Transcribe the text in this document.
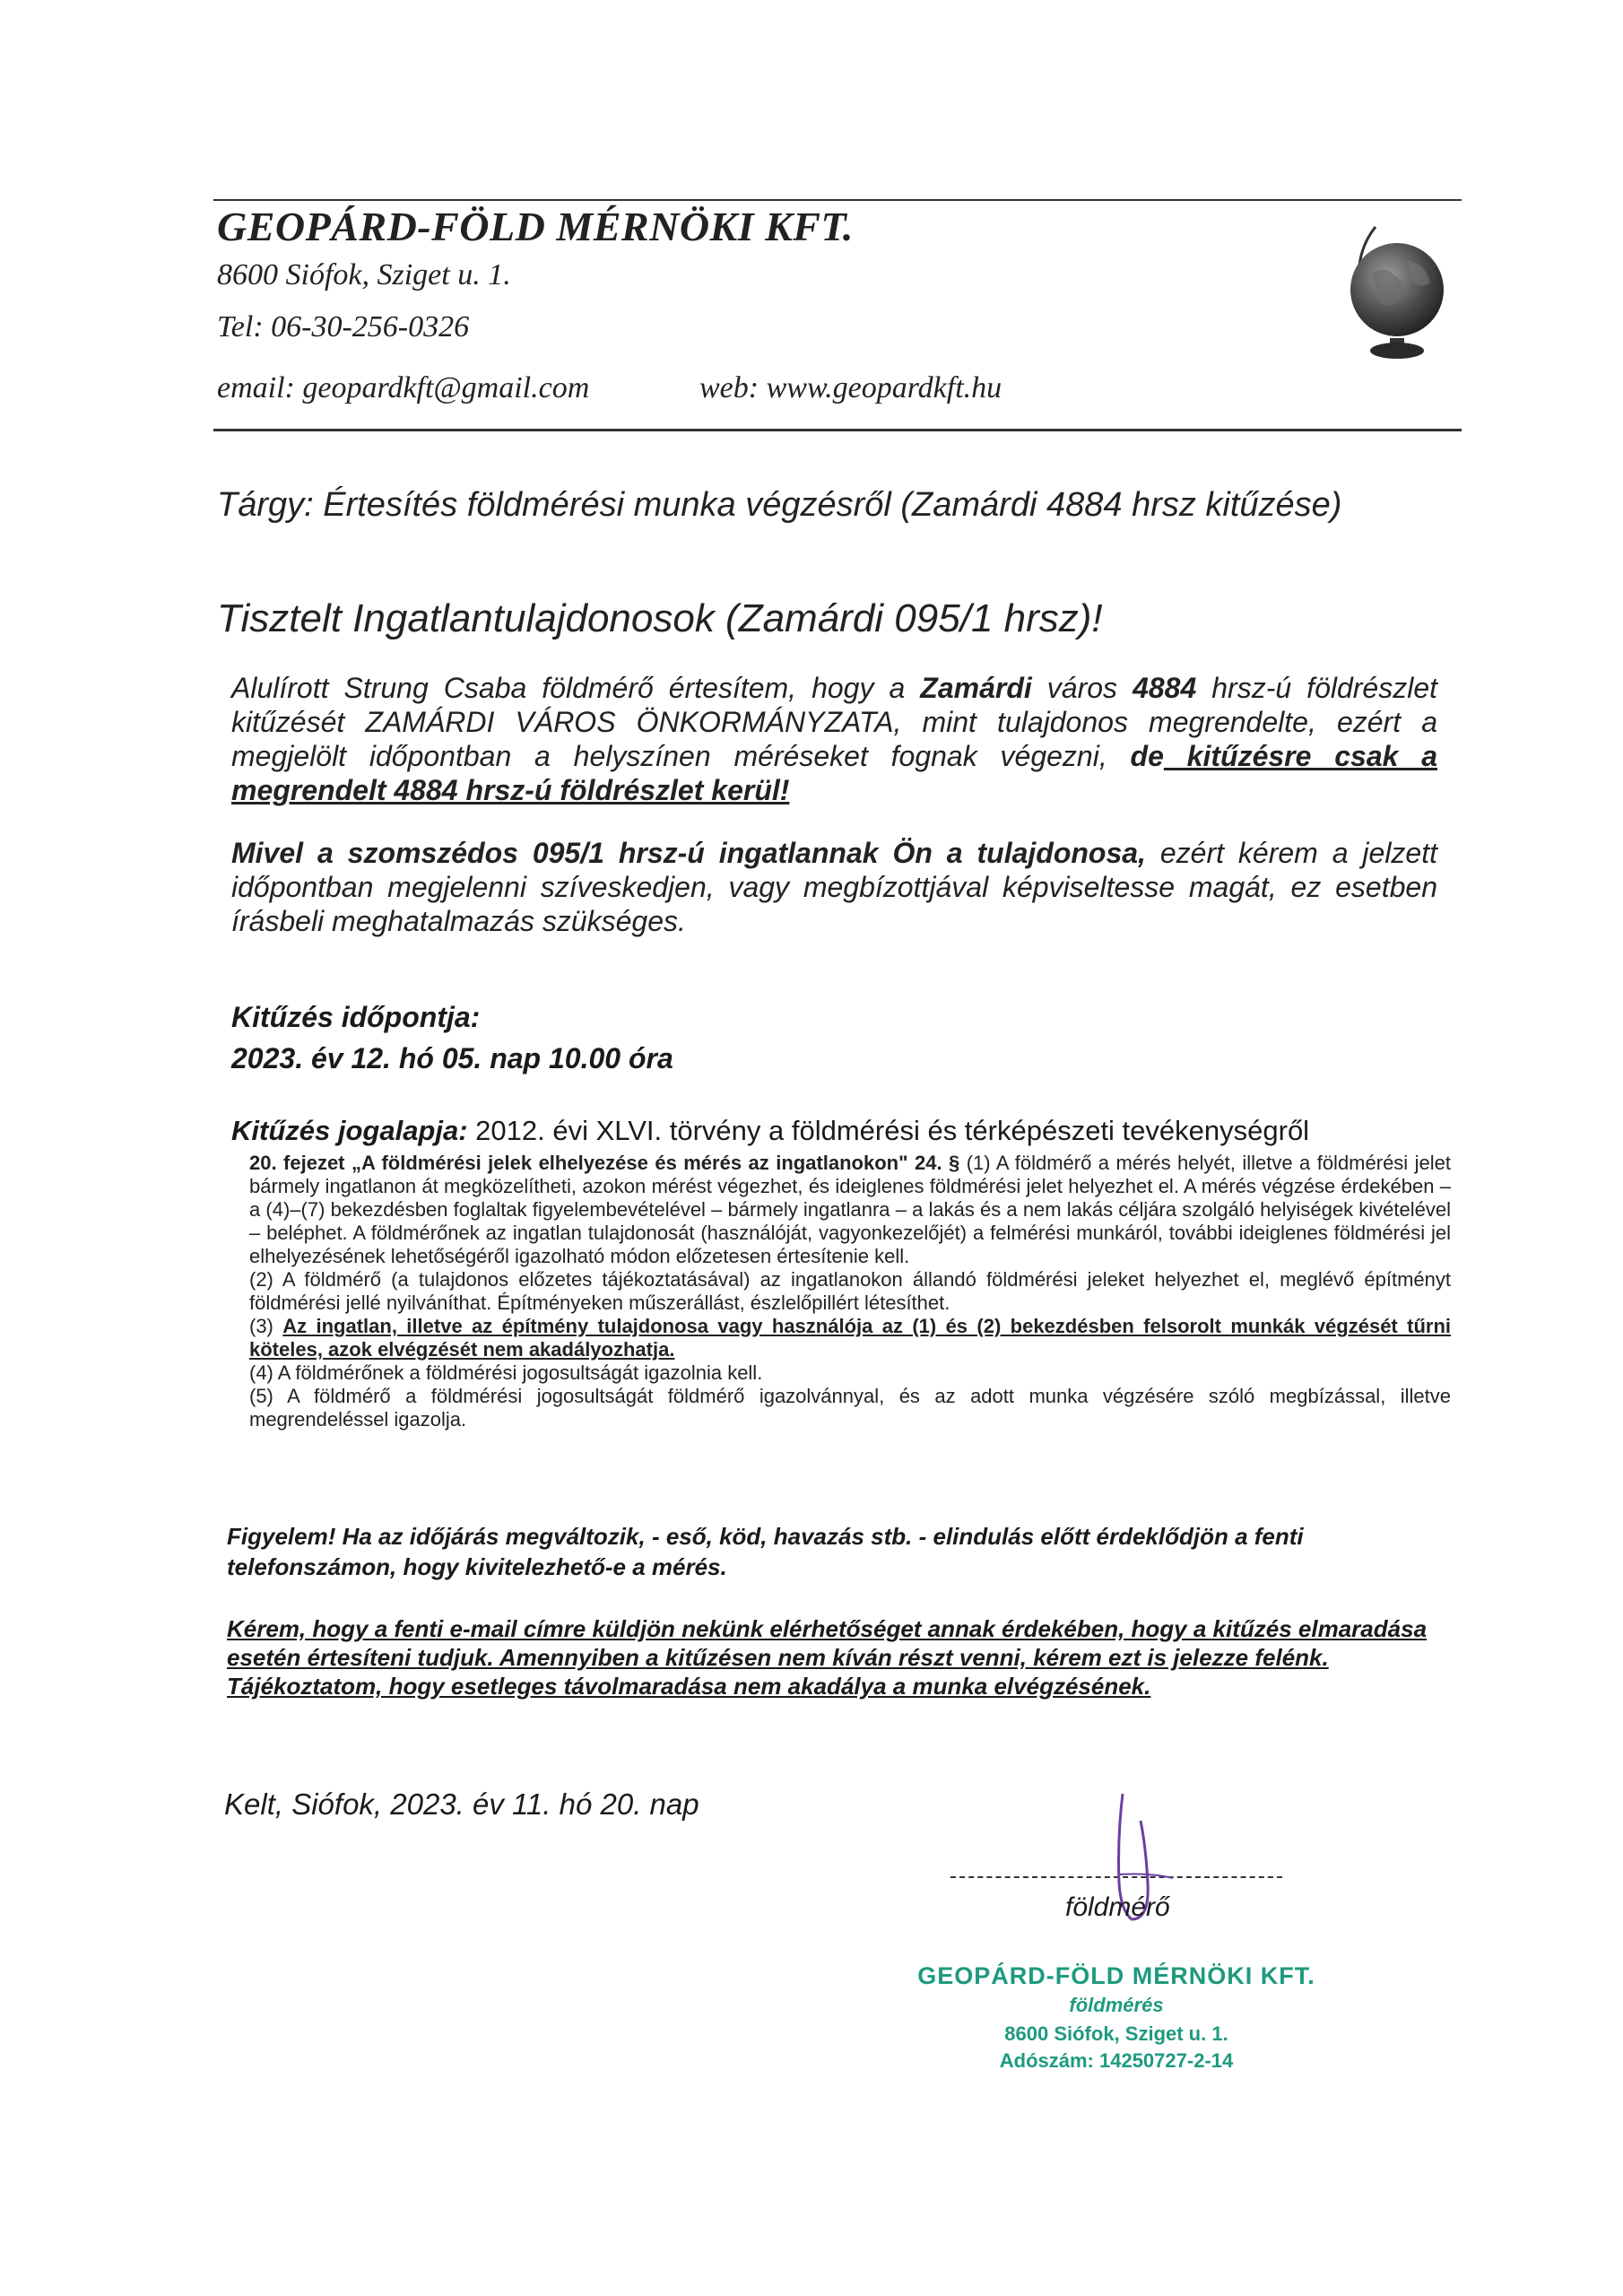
GEOPÁRD-FÖLD MÉRNÖKI KFT.
8600 Siófok, Sziget u. 1.
Tel: 06-30-256-0326
email: geopardkft@gmail.com	web: www.geopardkft.hu
Tárgy: Értesítés földmérési munka végzésről (Zamárdi 4884 hrsz kitűzése)
Tisztelt Ingatlantulajdonosok (Zamárdi 095/1 hrsz)!
Alulírott Strung Csaba földmérő értesítem, hogy a Zamárdi város 4884 hrsz-ú földrészlet kitűzését ZAMÁRDI VÁROS ÖNKORMÁNYZATA, mint tulajdonos megrendelte, ezért a megjelölt időpontban a helyszínen méréseket fognak végezni, de kitűzésre csak a megrendelt 4884 hrsz-ú földrészlet kerül!
Mivel a szomszédos 095/1 hrsz-ú ingatlannak Ön a tulajdonosa, ezért kérem a jelzett időpontban megjelenni szíveskedjen, vagy megbízottjával képviseltesse magát, ez esetben írásbeli meghatalmazás szükséges.
Kitűzés időpontja:
2023. év 12. hó 05. nap 10.00 óra
Kitűzés jogalapja: 2012. évi XLVI. törvény a földmérési és térképészeti tevékenységről
20. fejezet „A földmérési jelek elhelyezése és mérés az ingatlanokon" 24. § (1) A földmérő a mérés helyét, illetve a földmérési jelet bármely ingatlanon át megközelítheti, azokon mérést végezhet, és ideiglenes földmérési jelet helyezhet el. A mérés végzése érdekében – a (4)–(7) bekezdésben foglaltak figyelembevételével – bármely ingatlanra – a lakás és a nem lakás céljára szolgáló helyiségek kivételével – beléphet. A földmérőnek az ingatlan tulajdonosát (használóját, vagyonkezelőjét) a felmérési munkáról, további ideiglenes földmérési jel elhelyezésének lehetőségéről igazolható módon előzetesen értesítenie kell.
(2) A földmérő (a tulajdonos előzetes tájékoztatásával) az ingatlanokon állandó földmérési jeleket helyezhet el, meglévő építményt földmérési jellé nyilváníthat. Építményeken műszerállást, észlelőpillért létesíthet.
(3) Az ingatlan, illetve az építmény tulajdonosa vagy használója az (1) és (2) bekezdésben felsorolt munkák végzését tűrni köteles, azok elvégzését nem akadályozhatja.
(4) A földmérőnek a földmérési jogosultságát igazolnia kell.
(5) A földmérő a földmérési jogosultságát földmérő igazolvánnyal, és az adott munka végzésére szóló megbízással, illetve megrendeléssel igazolja.
Figyelem! Ha az időjárás megváltozik, - eső, köd, havazás stb. - elindulás előtt érdeklődjön a fenti telefonszámon, hogy kivitelezhető-e a mérés.
Kérem, hogy a fenti e-mail címre küldjön nekünk elérhetőséget annak érdekében, hogy a kitűzés elmaradása esetén értesíteni tudjuk. Amennyiben a kitűzésen nem kíván részt venni, kérem ezt is jelezze felénk. Tájékoztatom, hogy esetleges távolmaradása nem akadálya a munka elvégzésének.
Kelt, Siófok, 2023. év 11. hó 20. nap
földmérő
GEOPÁRD-FÖLD MÉRNÖKI KFT.
földmérés
8600 Siófok, Sziget u. 1.
Adószám: 14250727-2-14
